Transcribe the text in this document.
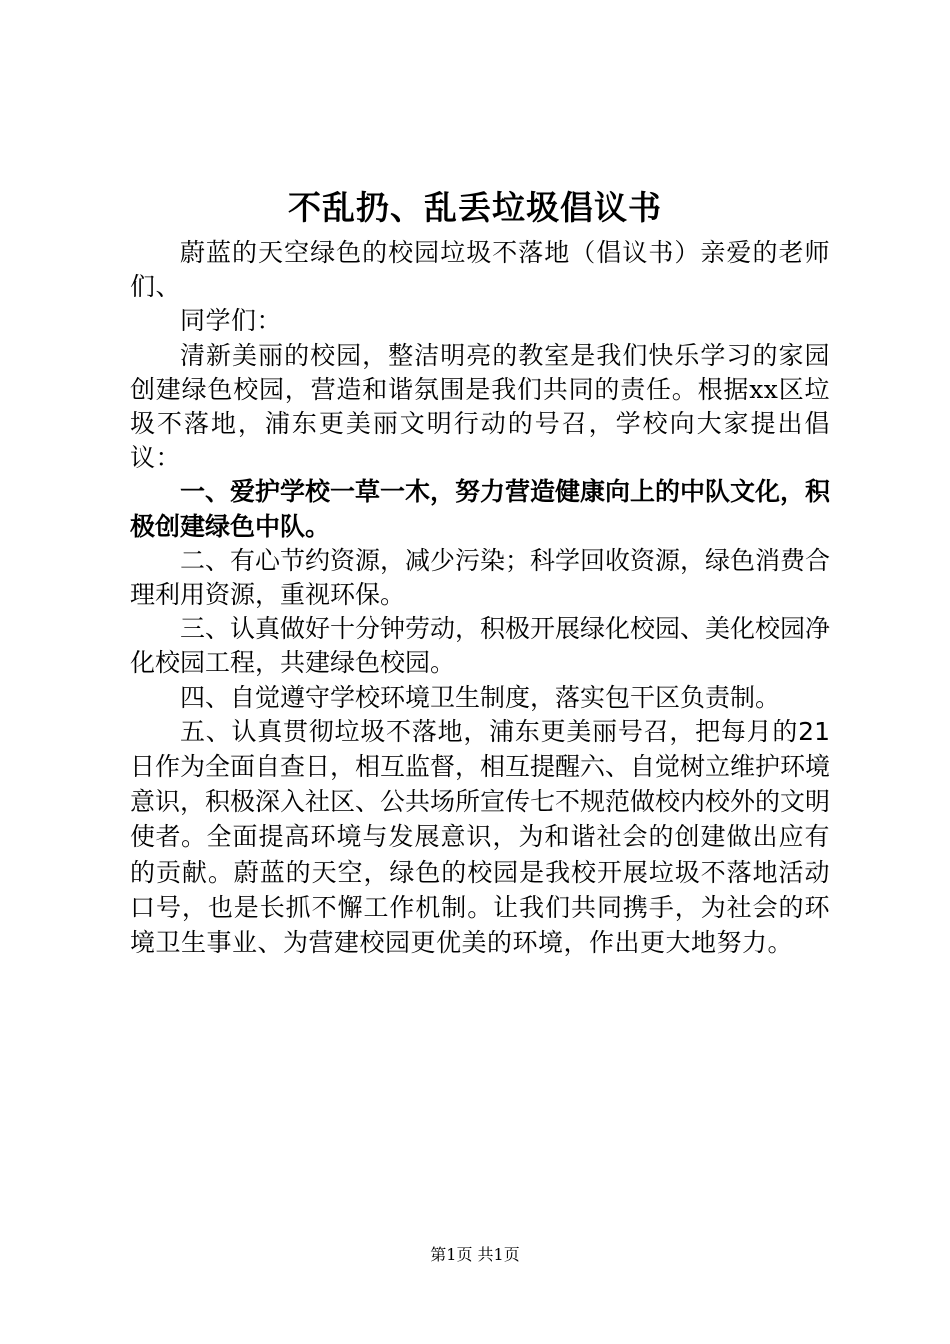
不乱扔、乱丢垃圾倡议书

蔚蓝的天空绿色的校园垃圾不落地（倡议书）亲爱的老师们、

同学们：

清新美丽的校园，整洁明亮的教室是我们快乐学习的家园创建绿色校园，营造和谐氛围是我们共同的责任。根据xx区垃圾不落地，浦东更美丽文明行动的号召，学校向大家提出倡议：

一、爱护学校一草一木，努力营造健康向上的中队文化，积极创建绿色中队。

二、有心节约资源，减少污染；科学回收资源，绿色消费合理利用资源，重视环保。

三、认真做好十分钟劳动，积极开展绿化校园、美化校园净化校园工程，共建绿色校园。

四、自觉遵守学校环境卫生制度，落实包干区负责制。

五、认真贯彻垃圾不落地，浦东更美丽号召，把每月的21日作为全面自查日，相互监督，相互提醒六、自觉树立维护环境意识，积极深入社区、公共场所宣传七不规范做校内校外的文明使者。全面提高环境与发展意识，为和谐社会的创建做出应有的贡献。蔚蓝的天空，绿色的校园是我校开展垃圾不落地活动口号，也是长抓不懈工作机制。让我们共同携手，为社会的环境卫生事业、为营建校园更优美的环境，作出更大地努力。

第1页 共1页
